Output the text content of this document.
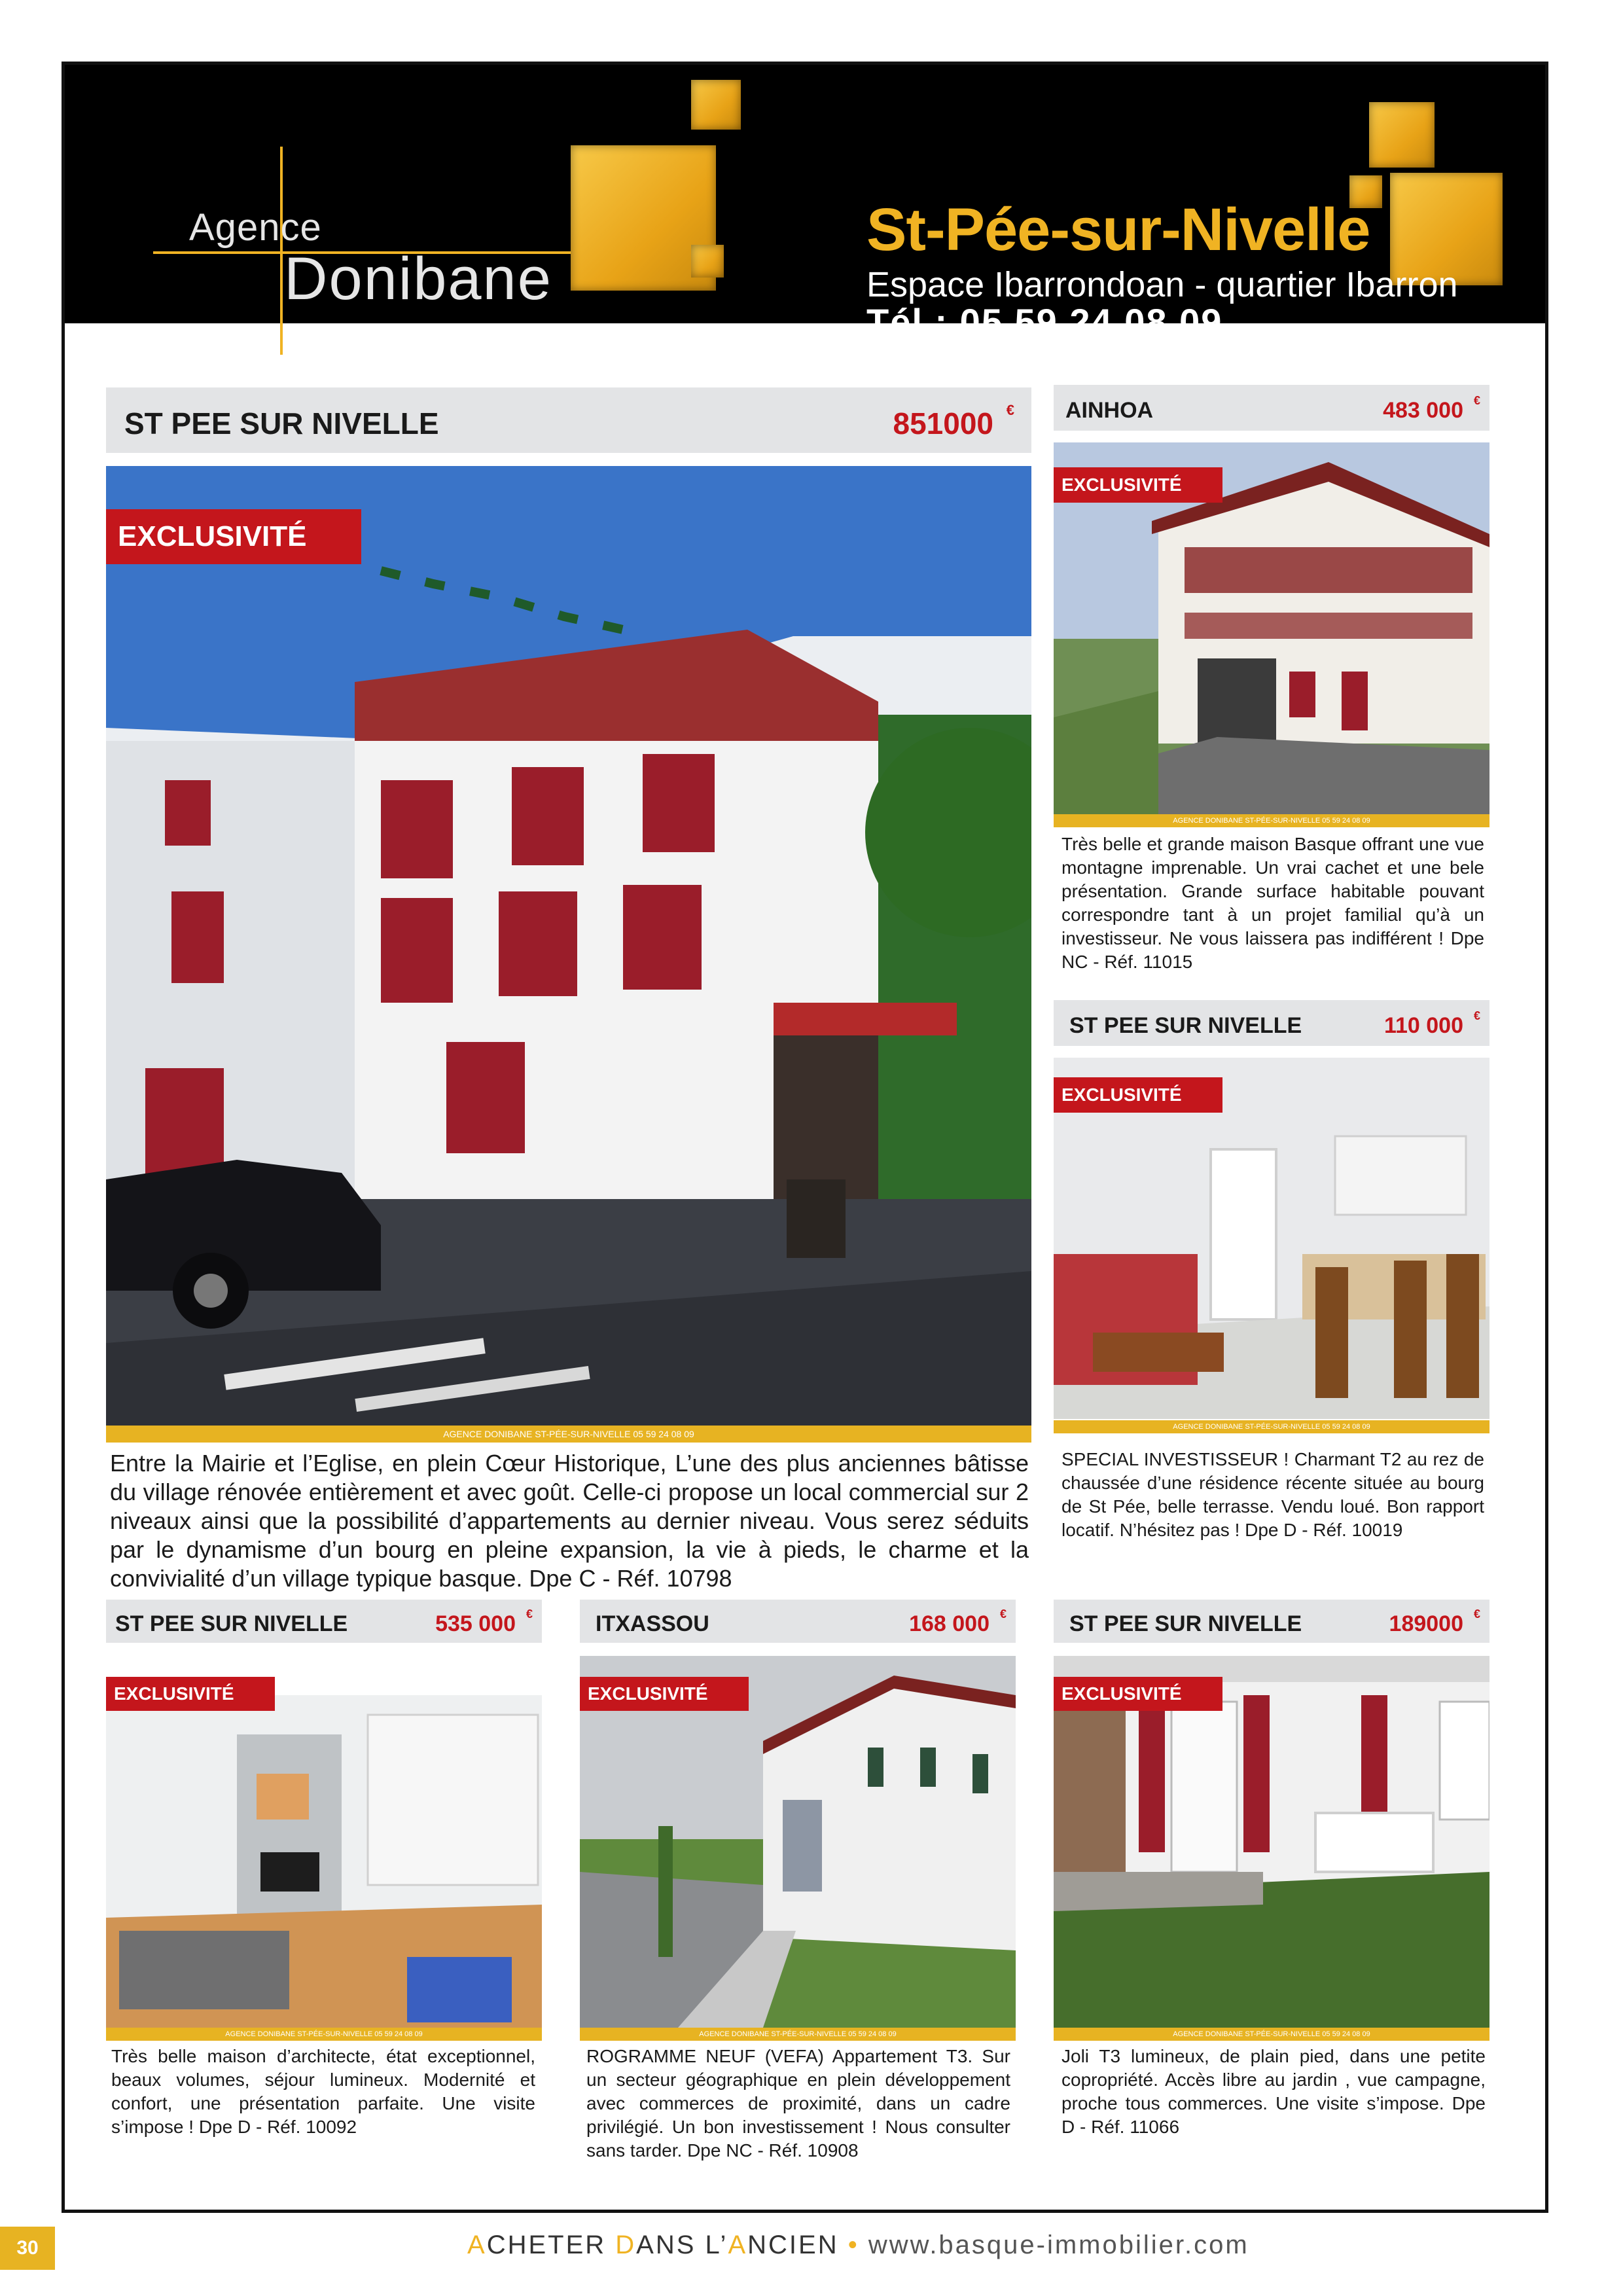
Agence
Donibane
St-Pée-sur-Nivelle
Espace Ibarrondoan - quartier Ibarron
Tél.: 05 59 24 08 09
ST PEE SUR NIVELLE	851000 €
EXCLUSIVITÉ
AGENCE DONIBANE ST-PÉE-SUR-NIVELLE 05 59 24 08 09
Entre la Mairie et l’Eglise, en plein Cœur Historique, L’une des plus anciennes bâtisse du village rénovée entièrement et avec goût. Celle-ci propose un local commercial sur 2 niveaux ainsi que la possibilité d’appartements au dernier niveau. Vous serez séduits par le dynamisme d’un bourg en pleine expansion, la vie à pieds, le charme et la convivialité d’un village typique basque. Dpe C - Réf. 10798
AINHOA	483 000 €
EXCLUSIVITÉ
AGENCE DONIBANE ST-PÉE-SUR-NIVELLE 05 59 24 08 09
Très belle et grande maison Basque offrant une vue montagne imprenable. Un vrai cachet et une bele présentation. Grande surface habitable pouvant correspondre tant à un projet familial qu’à un investisseur. Ne vous laissera pas indifférent ! Dpe NC - Réf. 11015
ST PEE SUR NIVELLE	110 000 €
EXCLUSIVITÉ
AGENCE DONIBANE ST-PÉE-SUR-NIVELLE 05 59 24 08 09
SPECIAL INVESTISSEUR ! Charmant T2 au rez de chaussée d’une résidence récente située au bourg de St Pée, belle terrasse. Vendu loué. Bon rapport locatif. N’hésitez pas ! Dpe D - Réf. 10019
ST PEE SUR NIVELLE	535 000 €
EXCLUSIVITÉ
AGENCE DONIBANE ST-PÉE-SUR-NIVELLE 05 59 24 08 09
Très belle maison d’architecte, état exceptionnel, beaux volumes, séjour lumineux. Modernité et confort, une présentation parfaite. Une visite s’impose ! Dpe D - Réf. 10092
ITXASSOU	168 000 €
EXCLUSIVITÉ
AGENCE DONIBANE ST-PÉE-SUR-NIVELLE 05 59 24 08 09
ROGRAMME NEUF (VEFA) Appartement T3. Sur un secteur géographique en plein développement avec commerces de proximité, dans un cadre privilégié. Un bon investissement ! Nous consulter sans tarder. Dpe NC - Réf. 10908
ST PEE SUR NIVELLE	189000 €
EXCLUSIVITÉ
AGENCE DONIBANE ST-PÉE-SUR-NIVELLE 05 59 24 08 09
Joli T3 lumineux, de plain pied, dans une petite copropriété. Accès libre au jardin , vue campagne, proche tous commerces. Une visite s’impose. Dpe D - Réf. 11066
30	ACHETER DANS L’ANCIEN • www.basque-immobilier.com
